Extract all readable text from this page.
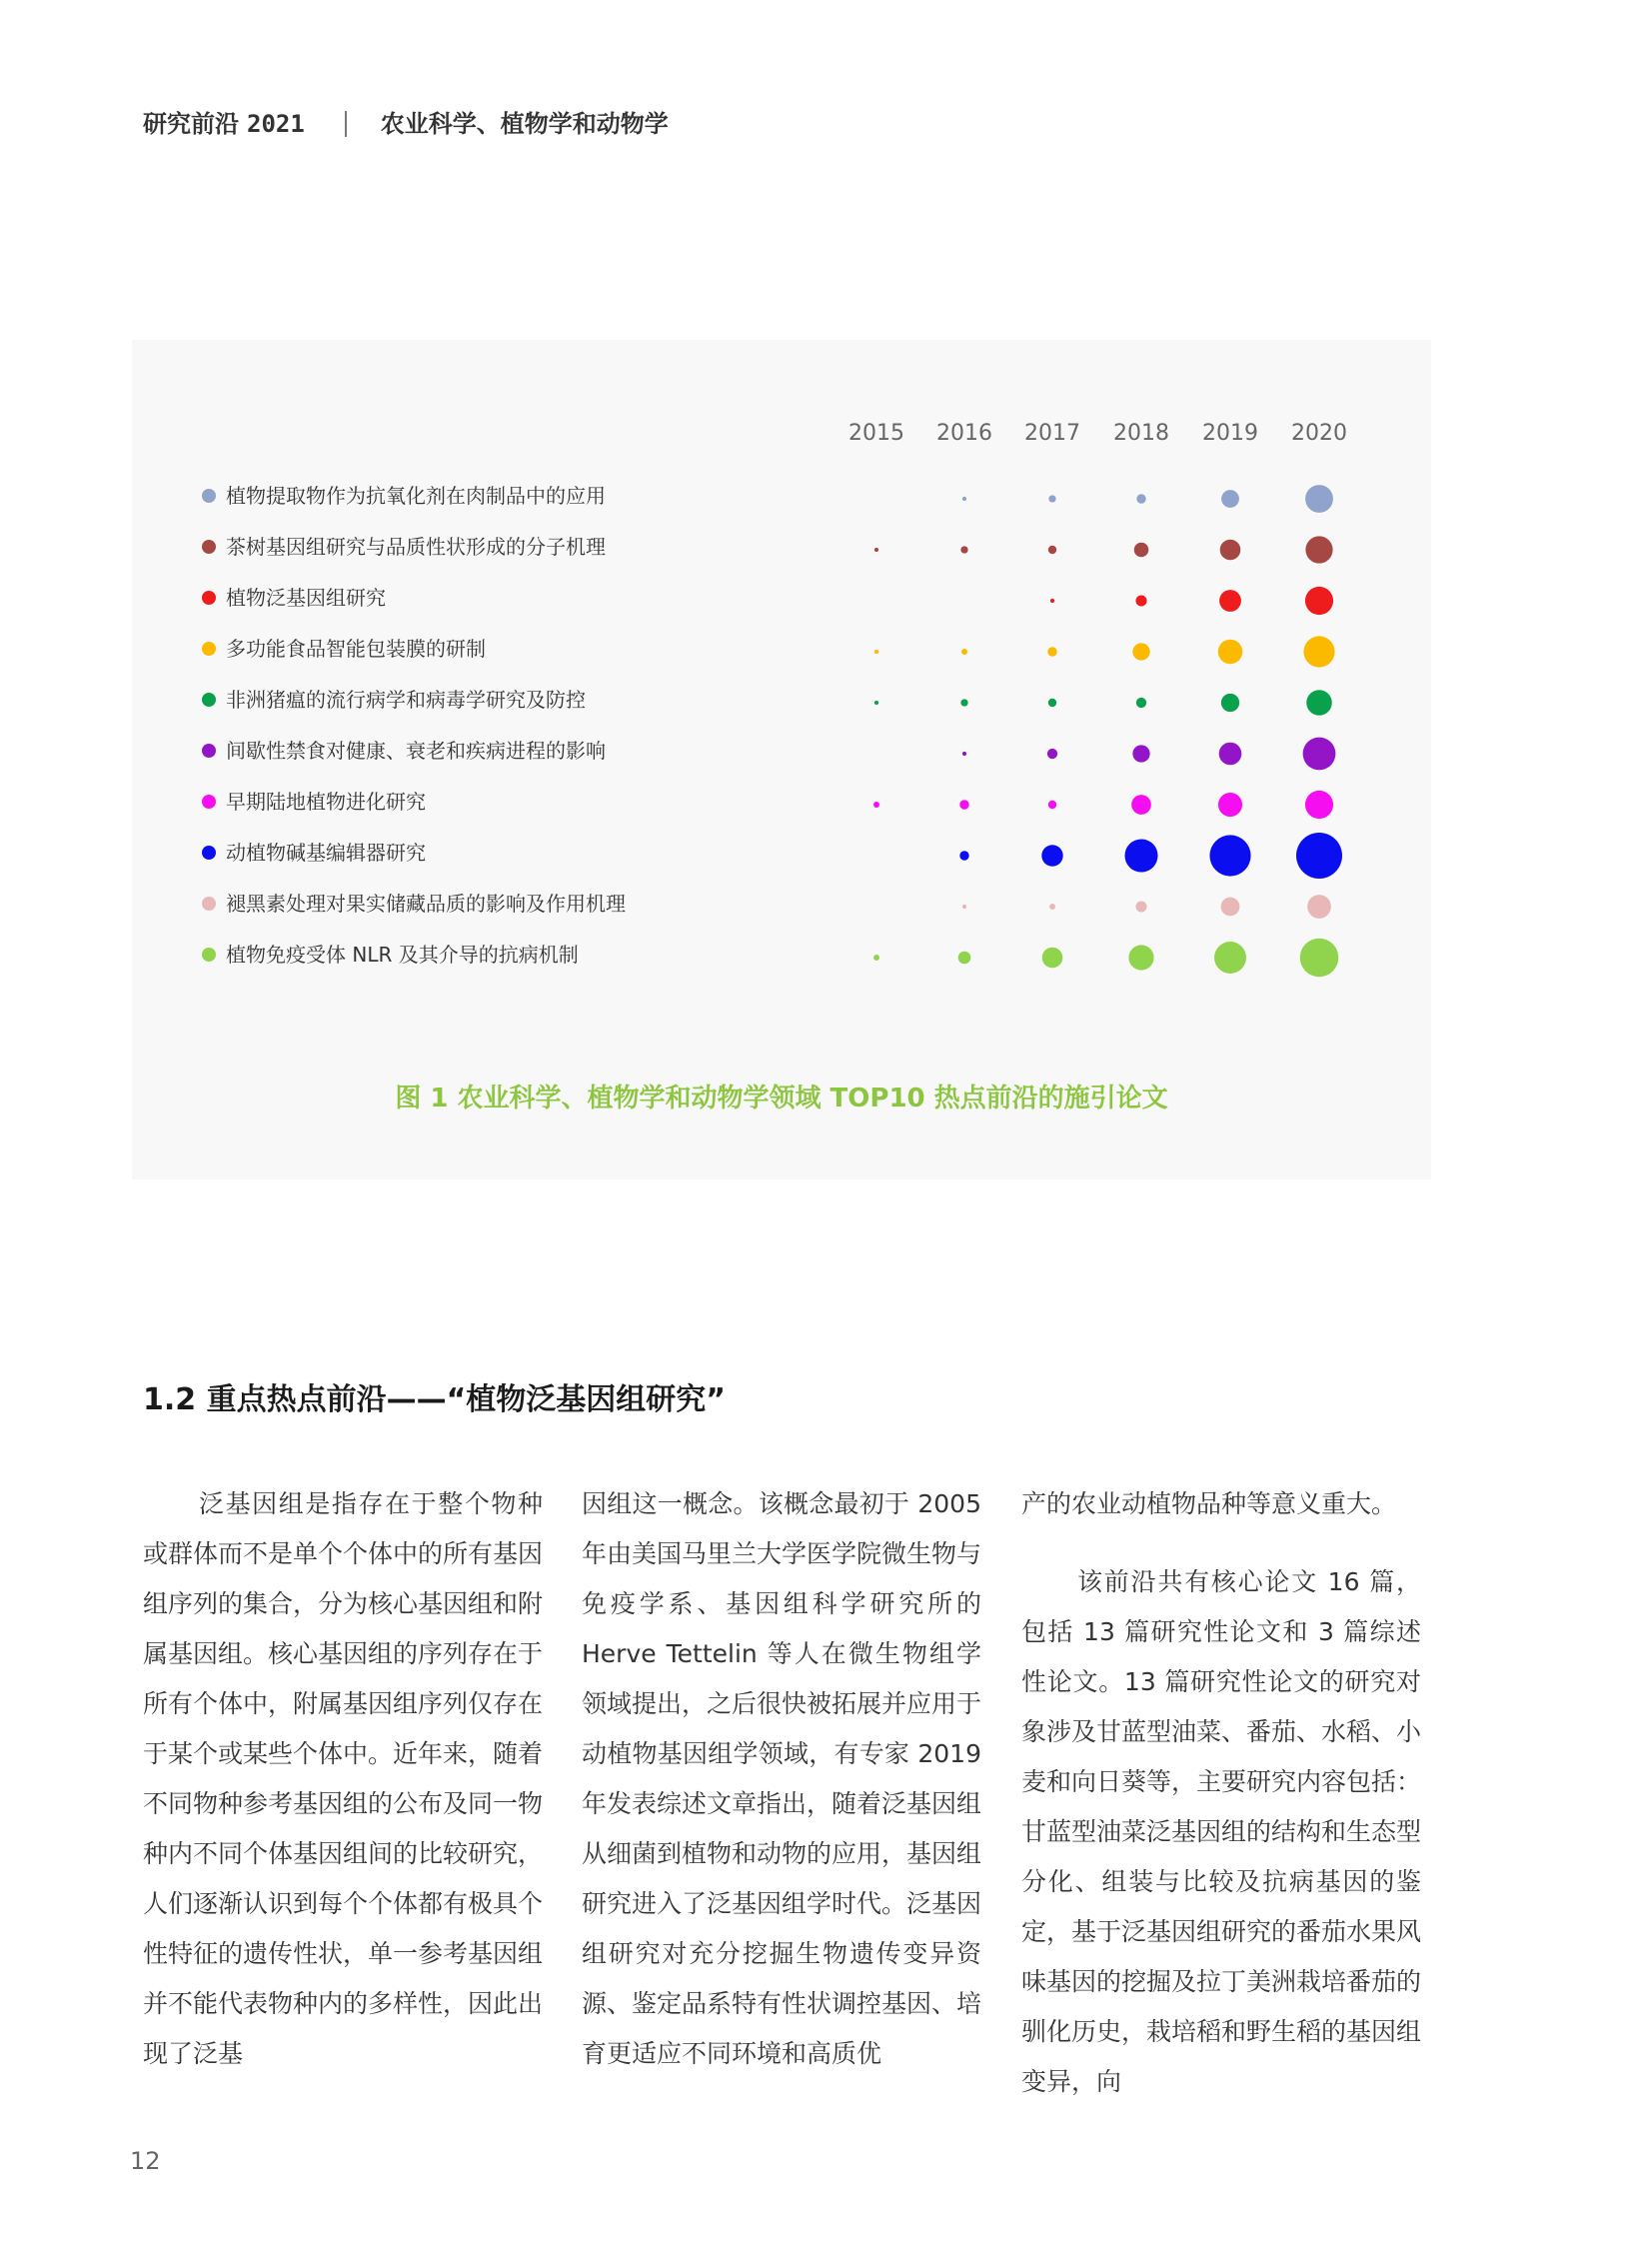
研究前沿 2021	农业科学、植物学和动物学
2015 2016 2017 2018 2019 2020
植物提取物作为抗氧化剂在肉制品中的应用
茶树基因组研究与品质性状形成的分子机理
植物泛基因组研究
多功能食品智能包装膜的研制
非洲猪瘟的流行病学和病毒学研究及防控
间歇性禁食对健康、衰老和疾病进程的影响
早期陆地植物进化研究
动植物碱基编辑器研究
褪黑素处理对果实储藏品质的影响及作用机理
植物免疫受体 NLR 及其介导的抗病机制
图 1 农业科学、植物学和动物学领域 TOP10 热点前沿的施引论文
1.2 重点热点前沿——“植物泛基因组研究”

泛基因组是指存在于整个物种或群体而不是单个个体中的所有基因组序列的集合，分为核心基因组和附属基因组。核心基因组的序列存在于所有个体中，附属基因组序列仅存在于某个或某些个体中。近年来，随着不同物种参考基因组的公布及同一物种内不同个体基因组间的比较研究，人们逐渐认识到每个个体都有极具个性特征的遗传性状，单一参考基因组并不能代表物种内的多样性，因此出现了泛基

因组这一概念。该概念最初于 2005 年由美国马里兰大学医学院微生物与免疫学系、基因组科学研究所的 Herve Tettelin 等人在微生物组学领域提出，之后很快被拓展并应用于动植物基因组学领域，有专家 2019 年发表综述文章指出，随着泛基因组从细菌到植物和动物的应用，基因组研究进入了泛基因组学时代。泛基因组研究对充分挖掘生物遗传变异资源、鉴定品系特有性状调控基因、培育更适应不同环境和高质优

产的农业动植物品种等意义重大。

该前沿共有核心论文 16 篇，包括 13 篇研究性论文和 3 篇综述性论文。13 篇研究性论文的研究对象涉及甘蓝型油菜、番茄、水稻、小麦和向日葵等，主要研究内容包括：甘蓝型油菜泛基因组的结构和生态型分化、组装与比较及抗病基因的鉴定，基于泛基因组研究的番茄水果风味基因的挖掘及拉丁美洲栽培番茄的驯化历史，栽培稻和野生稻的基因组变异，向

12
